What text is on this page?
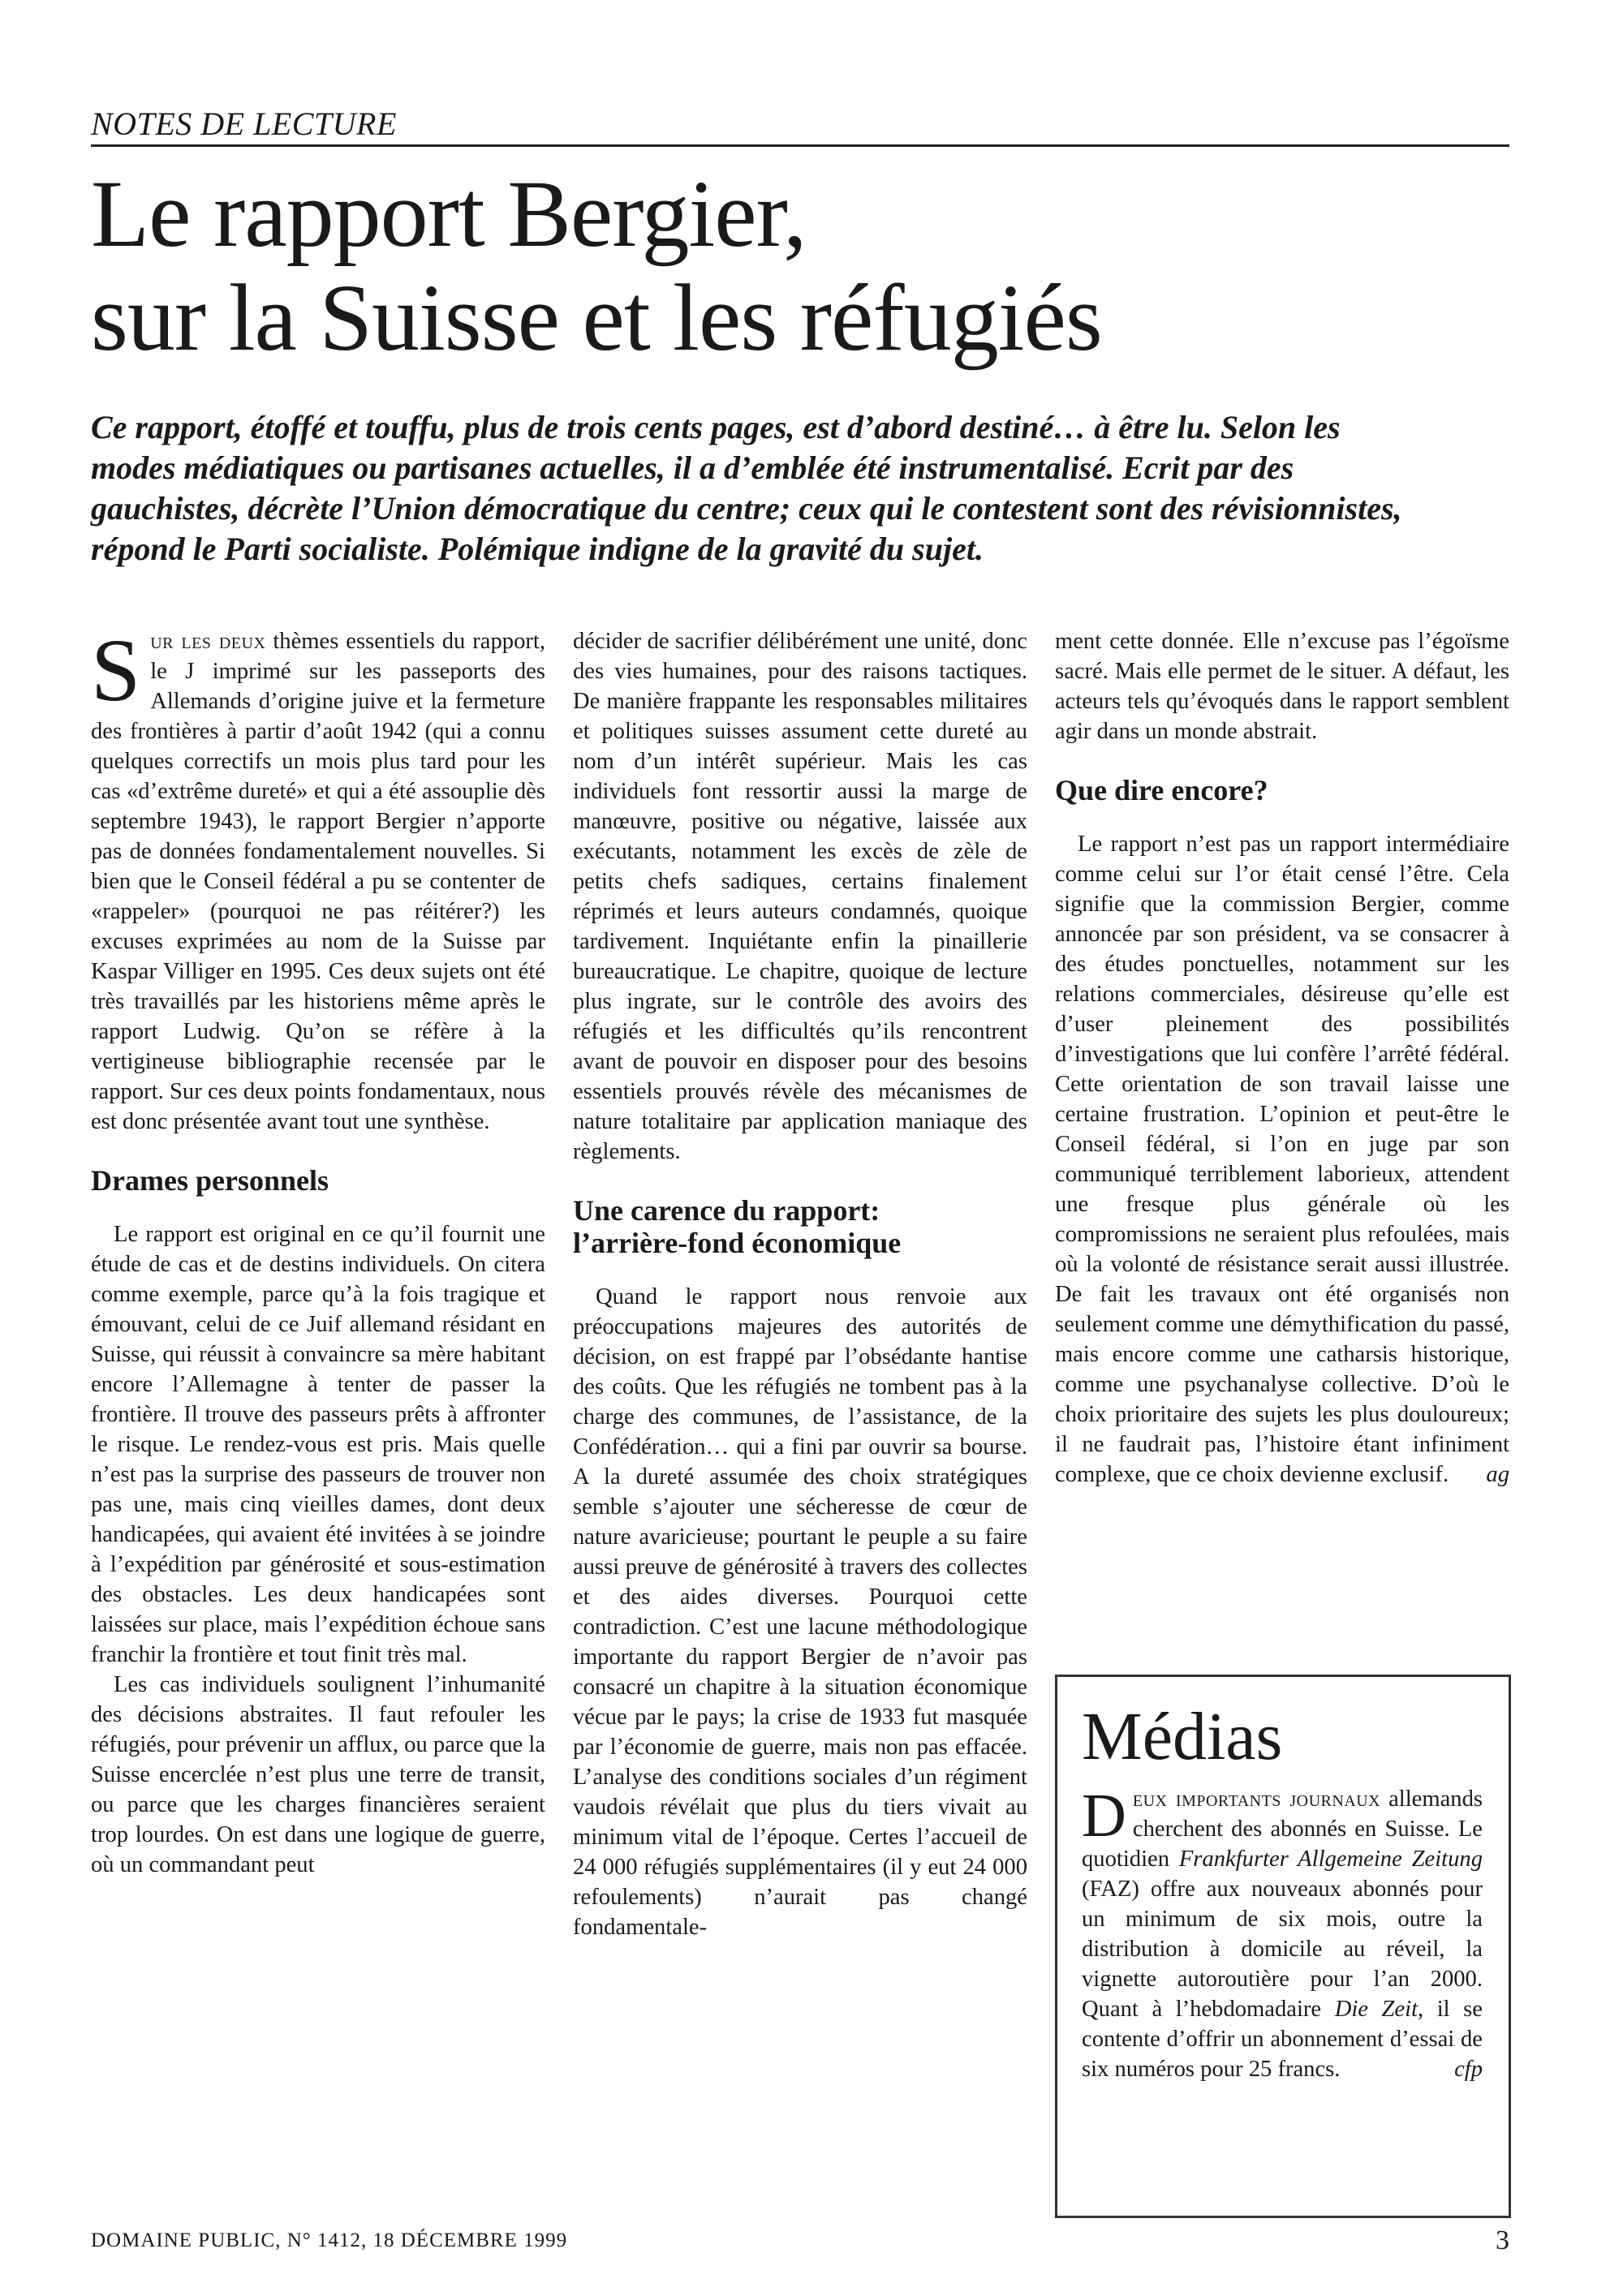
NOTES DE LECTURE
Le rapport Bergier,
sur la Suisse et les réfugiés

Ce rapport, étoffé et touffu, plus de trois cents pages, est d’abord destiné… à être lu. Selon les modes médiatiques ou partisanes actuelles, il a d’emblée été instrumentalisé. Ecrit par des gauchistes, décrète l’Union démocratique du centre; ceux qui le contestent sont des révisionnistes, répond le Parti socialiste. Polémique indigne de la gravité du sujet.

Sur les deux thèmes essentiels du rapport, le J imprimé sur les passeports des Allemands d’origine juive et la fermeture des frontières à partir d’août 1942 (qui a connu quelques correctifs un mois plus tard pour les cas «d’extrême dureté» et qui a été assouplie dès septembre 1943), le rapport Bergier n’apporte pas de données fondamentalement nouvelles. Si bien que le Conseil fédéral a pu se contenter de «rappeler» (pourquoi ne pas réitérer?) les excuses exprimées au nom de la Suisse par Kaspar Villiger en 1995. Ces deux sujets ont été très travaillés par les historiens même après le rapport Ludwig. Qu’on se réfère à la vertigineuse bibliographie recensée par le rapport. Sur ces deux points fondamentaux, nous est donc présentée avant tout une synthèse.

Drames personnels

Le rapport est original en ce qu’il fournit une étude de cas et de destins individuels. On citera comme exemple, parce qu’à la fois tragique et émouvant, celui de ce Juif allemand résidant en Suisse, qui réussit à convaincre sa mère habitant encore l’Allemagne à tenter de passer la frontière. Il trouve des passeurs prêts à affronter le risque. Le rendez-vous est pris. Mais quelle n’est pas la surprise des passeurs de trouver non pas une, mais cinq vieilles dames, dont deux handicapées, qui avaient été invitées à se joindre à l’expédition par générosité et sous-estimation des obstacles. Les deux handicapées sont laissées sur place, mais l’expédition échoue sans franchir la frontière et tout finit très mal.

Les cas individuels soulignent l’inhumanité des décisions abstraites. Il faut refouler les réfugiés, pour prévenir un afflux, ou parce que la Suisse encerclée n’est plus une terre de transit, ou parce que les charges financières seraient trop lourdes. On est dans une logique de guerre, où un commandant peut

décider de sacrifier délibérément une unité, donc des vies humaines, pour des raisons tactiques. De manière frappante les responsables militaires et politiques suisses assument cette dureté au nom d’un intérêt supérieur. Mais les cas individuels font ressortir aussi la marge de manœuvre, positive ou négative, laissée aux exécutants, notamment les excès de zèle de petits chefs sadiques, certains finalement réprimés et leurs auteurs condamnés, quoique tardivement. Inquiétante enfin la pinaillerie bureaucratique. Le chapitre, quoique de lecture plus ingrate, sur le contrôle des avoirs des réfugiés et les difficultés qu’ils rencontrent avant de pouvoir en disposer pour des besoins essentiels prouvés révèle des mécanismes de nature totalitaire par application maniaque des règlements.

Une carence du rapport:
l’arrière-fond économique

Quand le rapport nous renvoie aux préoccupations majeures des autorités de décision, on est frappé par l’obsédante hantise des coûts. Que les réfugiés ne tombent pas à la charge des communes, de l’assistance, de la Confédération… qui a fini par ouvrir sa bourse. A la dureté assumée des choix stratégiques semble s’ajouter une sécheresse de cœur de nature avaricieuse; pourtant le peuple a su faire aussi preuve de générosité à travers des collectes et des aides diverses. Pourquoi cette contradiction. C’est une lacune méthodologique importante du rapport Bergier de n’avoir pas consacré un chapitre à la situation économique vécue par le pays; la crise de 1933 fut masquée par l’économie de guerre, mais non pas effacée. L’analyse des conditions sociales d’un régiment vaudois révélait que plus du tiers vivait au minimum vital de l’époque. Certes l’accueil de 24 000 réfugiés supplémentaires (il y eut 24 000 refoulements) n’aurait pas changé fondamentale-

ment cette donnée. Elle n’excuse pas l’égoïsme sacré. Mais elle permet de le situer. A défaut, les acteurs tels qu’évoqués dans le rapport semblent agir dans un monde abstrait.

Que dire encore?

Le rapport n’est pas un rapport intermédiaire comme celui sur l’or était censé l’être. Cela signifie que la commission Bergier, comme annoncée par son président, va se consacrer à des études ponctuelles, notamment sur les relations commerciales, désireuse qu’elle est d’user pleinement des possibilités d’investigations que lui confère l’arrêté fédéral. Cette orientation de son travail laisse une certaine frustration. L’opinion et peut-être le Conseil fédéral, si l’on en juge par son communiqué terriblement laborieux, attendent une fresque plus générale où les compromissions ne seraient plus refoulées, mais où la volonté de résistance serait aussi illustrée. De fait les travaux ont été organisés non seulement comme une démythification du passé, mais encore comme une catharsis historique, comme une psychanalyse collective. D’où le choix prioritaire des sujets les plus douloureux; il ne faudrait pas, l’histoire étant infiniment complexe, que ce choix devienne exclusif.	ag

Médias

Deux importants journaux allemands cherchent des abonnés en Suisse. Le quotidien Frankfurter Allgemeine Zeitung (FAZ) offre aux nouveaux abonnés pour un minimum de six mois, outre la distribution à domicile au réveil, la vignette autoroutière pour l’an 2000. Quant à l’hebdomadaire Die Zeit, il se contente d’offrir un abonnement d’essai de six numéros pour 25 francs.	cfp

DOMAINE PUBLIC, N° 1412, 18 DÉCEMBRE 1999	3
